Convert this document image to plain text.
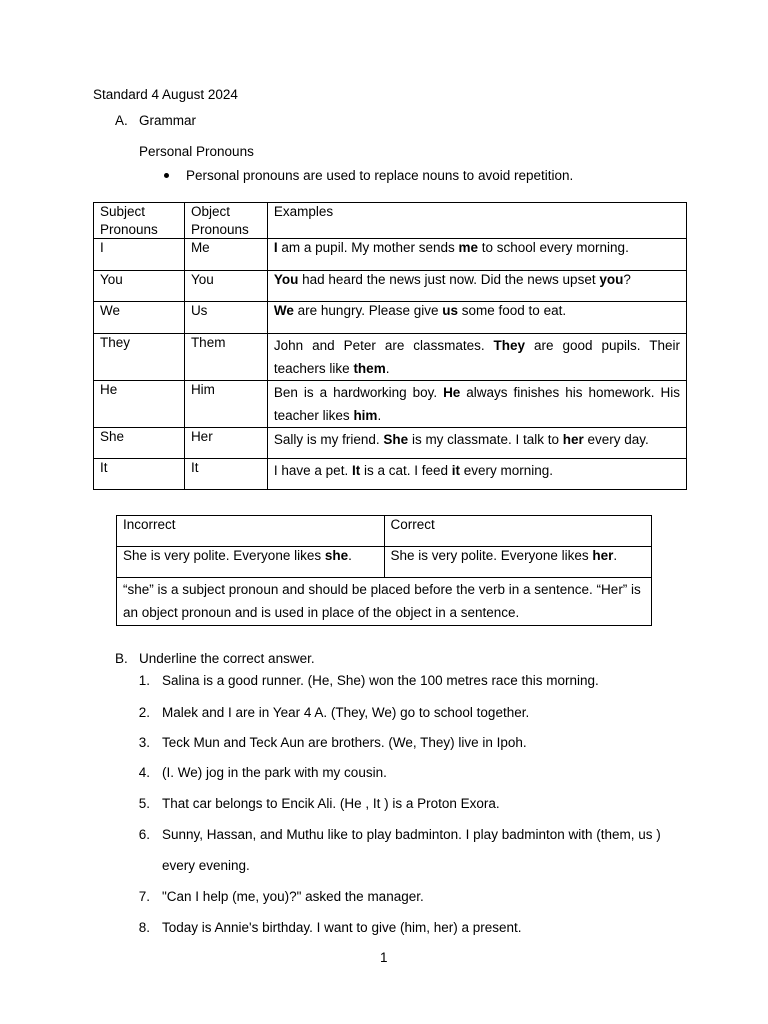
Standard 4 August 2024
A. Grammar
Personal Pronouns
Personal pronouns are used to replace nouns to avoid repetition.
Subject Pronouns	Object Pronouns	Examples
I	Me	I am a pupil. My mother sends me to school every morning.
You	You	You had heard the news just now. Did the news upset you?
We	Us	We are hungry. Please give us some food to eat.
They	Them	John and Peter are classmates. They are good pupils. Their teachers like them.
He	Him	Ben is a hardworking boy. He always finishes his homework. His teacher likes him.
She	Her	Sally is my friend. She is my classmate. I talk to her every day.
It	It	I have a pet. It is a cat. I feed it every morning.
Incorrect	Correct
She is very polite. Everyone likes she.	She is very polite. Everyone likes her.
“she” is a subject pronoun and should be placed before the verb in a sentence. “Her” is an object pronoun and is used in place of the object in a sentence.	
B. Underline the correct answer.
1. Salina is a good runner. (He, She) won the 100 metres race this morning.
2. Malek and I are in Year 4 A. (They, We) go to school together.
3. Teck Mun and Teck Aun are brothers. (We, They) live in Ipoh.
4. (I. We) jog in the park with my cousin.
5. That car belongs to Encik Ali. (He , It ) is a Proton Exora.
6. Sunny, Hassan, and Muthu like to play badminton. I play badminton with (them, us )
every evening.
7. "Can I help (me, you)?" asked the manager.
8. Today is Annie's birthday. I want to give (him, her) a present.
1
